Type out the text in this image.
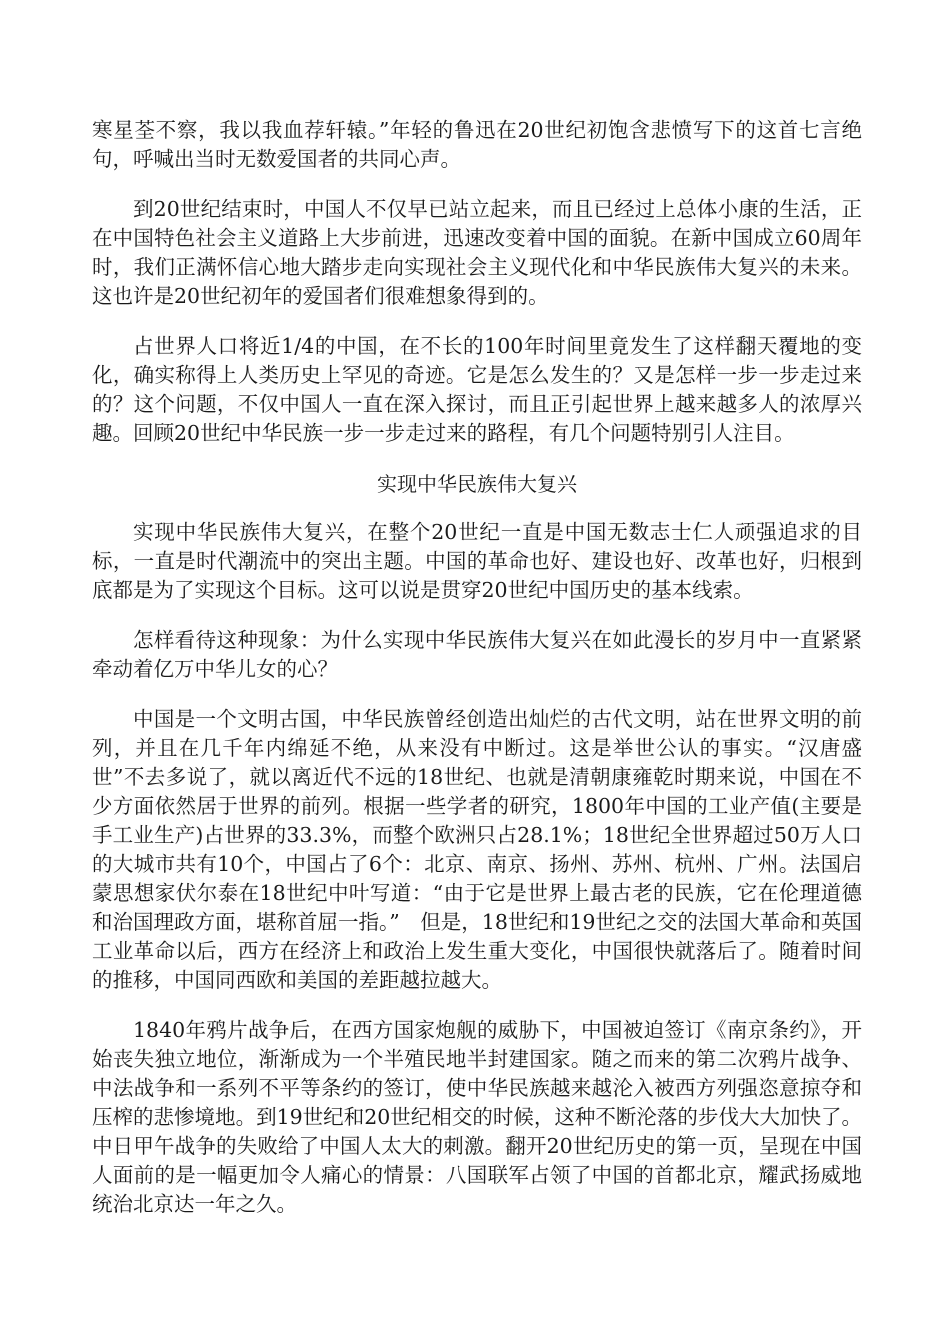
寒星荃不察，我以我血荐轩辕。”年轻的鲁迅在20世纪初饱含悲愤写下的这首七言绝句，呼喊出当时无数爱国者的共同心声。

到20世纪结束时，中国人不仅早已站立起来，而且已经过上总体小康的生活，正在中国特色社会主义道路上大步前进，迅速改变着中国的面貌。在新中国成立60周年时，我们正满怀信心地大踏步走向实现社会主义现代化和中华民族伟大复兴的未来。这也许是20世纪初年的爱国者们很难想象得到的。

占世界人口将近1/4的中国，在不长的100年时间里竟发生了这样翻天覆地的变化，确实称得上人类历史上罕见的奇迹。它是怎么发生的？又是怎样一步一步走过来的？这个问题，不仅中国人一直在深入探讨，而且正引起世界上越来越多人的浓厚兴趣。回顾20世纪中华民族一步一步走过来的路程，有几个问题特别引人注目。

实现中华民族伟大复兴

实现中华民族伟大复兴，在整个20世纪一直是中国无数志士仁人顽强追求的目标，一直是时代潮流中的突出主题。中国的革命也好、建设也好、改革也好，归根到底都是为了实现这个目标。这可以说是贯穿20世纪中国历史的基本线索。

怎样看待这种现象：为什么实现中华民族伟大复兴在如此漫长的岁月中一直紧紧牵动着亿万中华儿女的心？

中国是一个文明古国，中华民族曾经创造出灿烂的古代文明，站在世界文明的前列，并且在几千年内绵延不绝，从来没有中断过。这是举世公认的事实。“汉唐盛世”不去多说了，就以离近代不远的18世纪、也就是清朝康雍乾时期来说，中国在不少方面依然居于世界的前列。根据一些学者的研究，1800年中国的工业产值(主要是手工业生产)占世界的33.3%，而整个欧洲只占28.1%；18世纪全世界超过50万人口的大城市共有10个，中国占了6个：北京、南京、扬州、苏州、杭州、广州。法国启蒙思想家伏尔泰在18世纪中叶写道：“由于它是世界上最古老的民族，它在伦理道德和治国理政方面，堪称首屈一指。”　但是，18世纪和19世纪之交的法国大革命和英国工业革命以后，西方在经济上和政治上发生重大变化，中国很快就落后了。随着时间的推移，中国同西欧和美国的差距越拉越大。

1840年鸦片战争后，在西方国家炮舰的威胁下，中国被迫签订《南京条约》，开始丧失独立地位，渐渐成为一个半殖民地半封建国家。随之而来的第二次鸦片战争、中法战争和一系列不平等条约的签订，使中华民族越来越沦入被西方列强恣意掠夺和压榨的悲惨境地。到19世纪和20世纪相交的时候，这种不断沦落的步伐大大加快了。中日甲午战争的失败给了中国人太大的刺激。翻开20世纪历史的第一页，呈现在中国人面前的是一幅更加令人痛心的情景：八国联军占领了中国的首都北京，耀武扬威地统治北京达一年之久。
